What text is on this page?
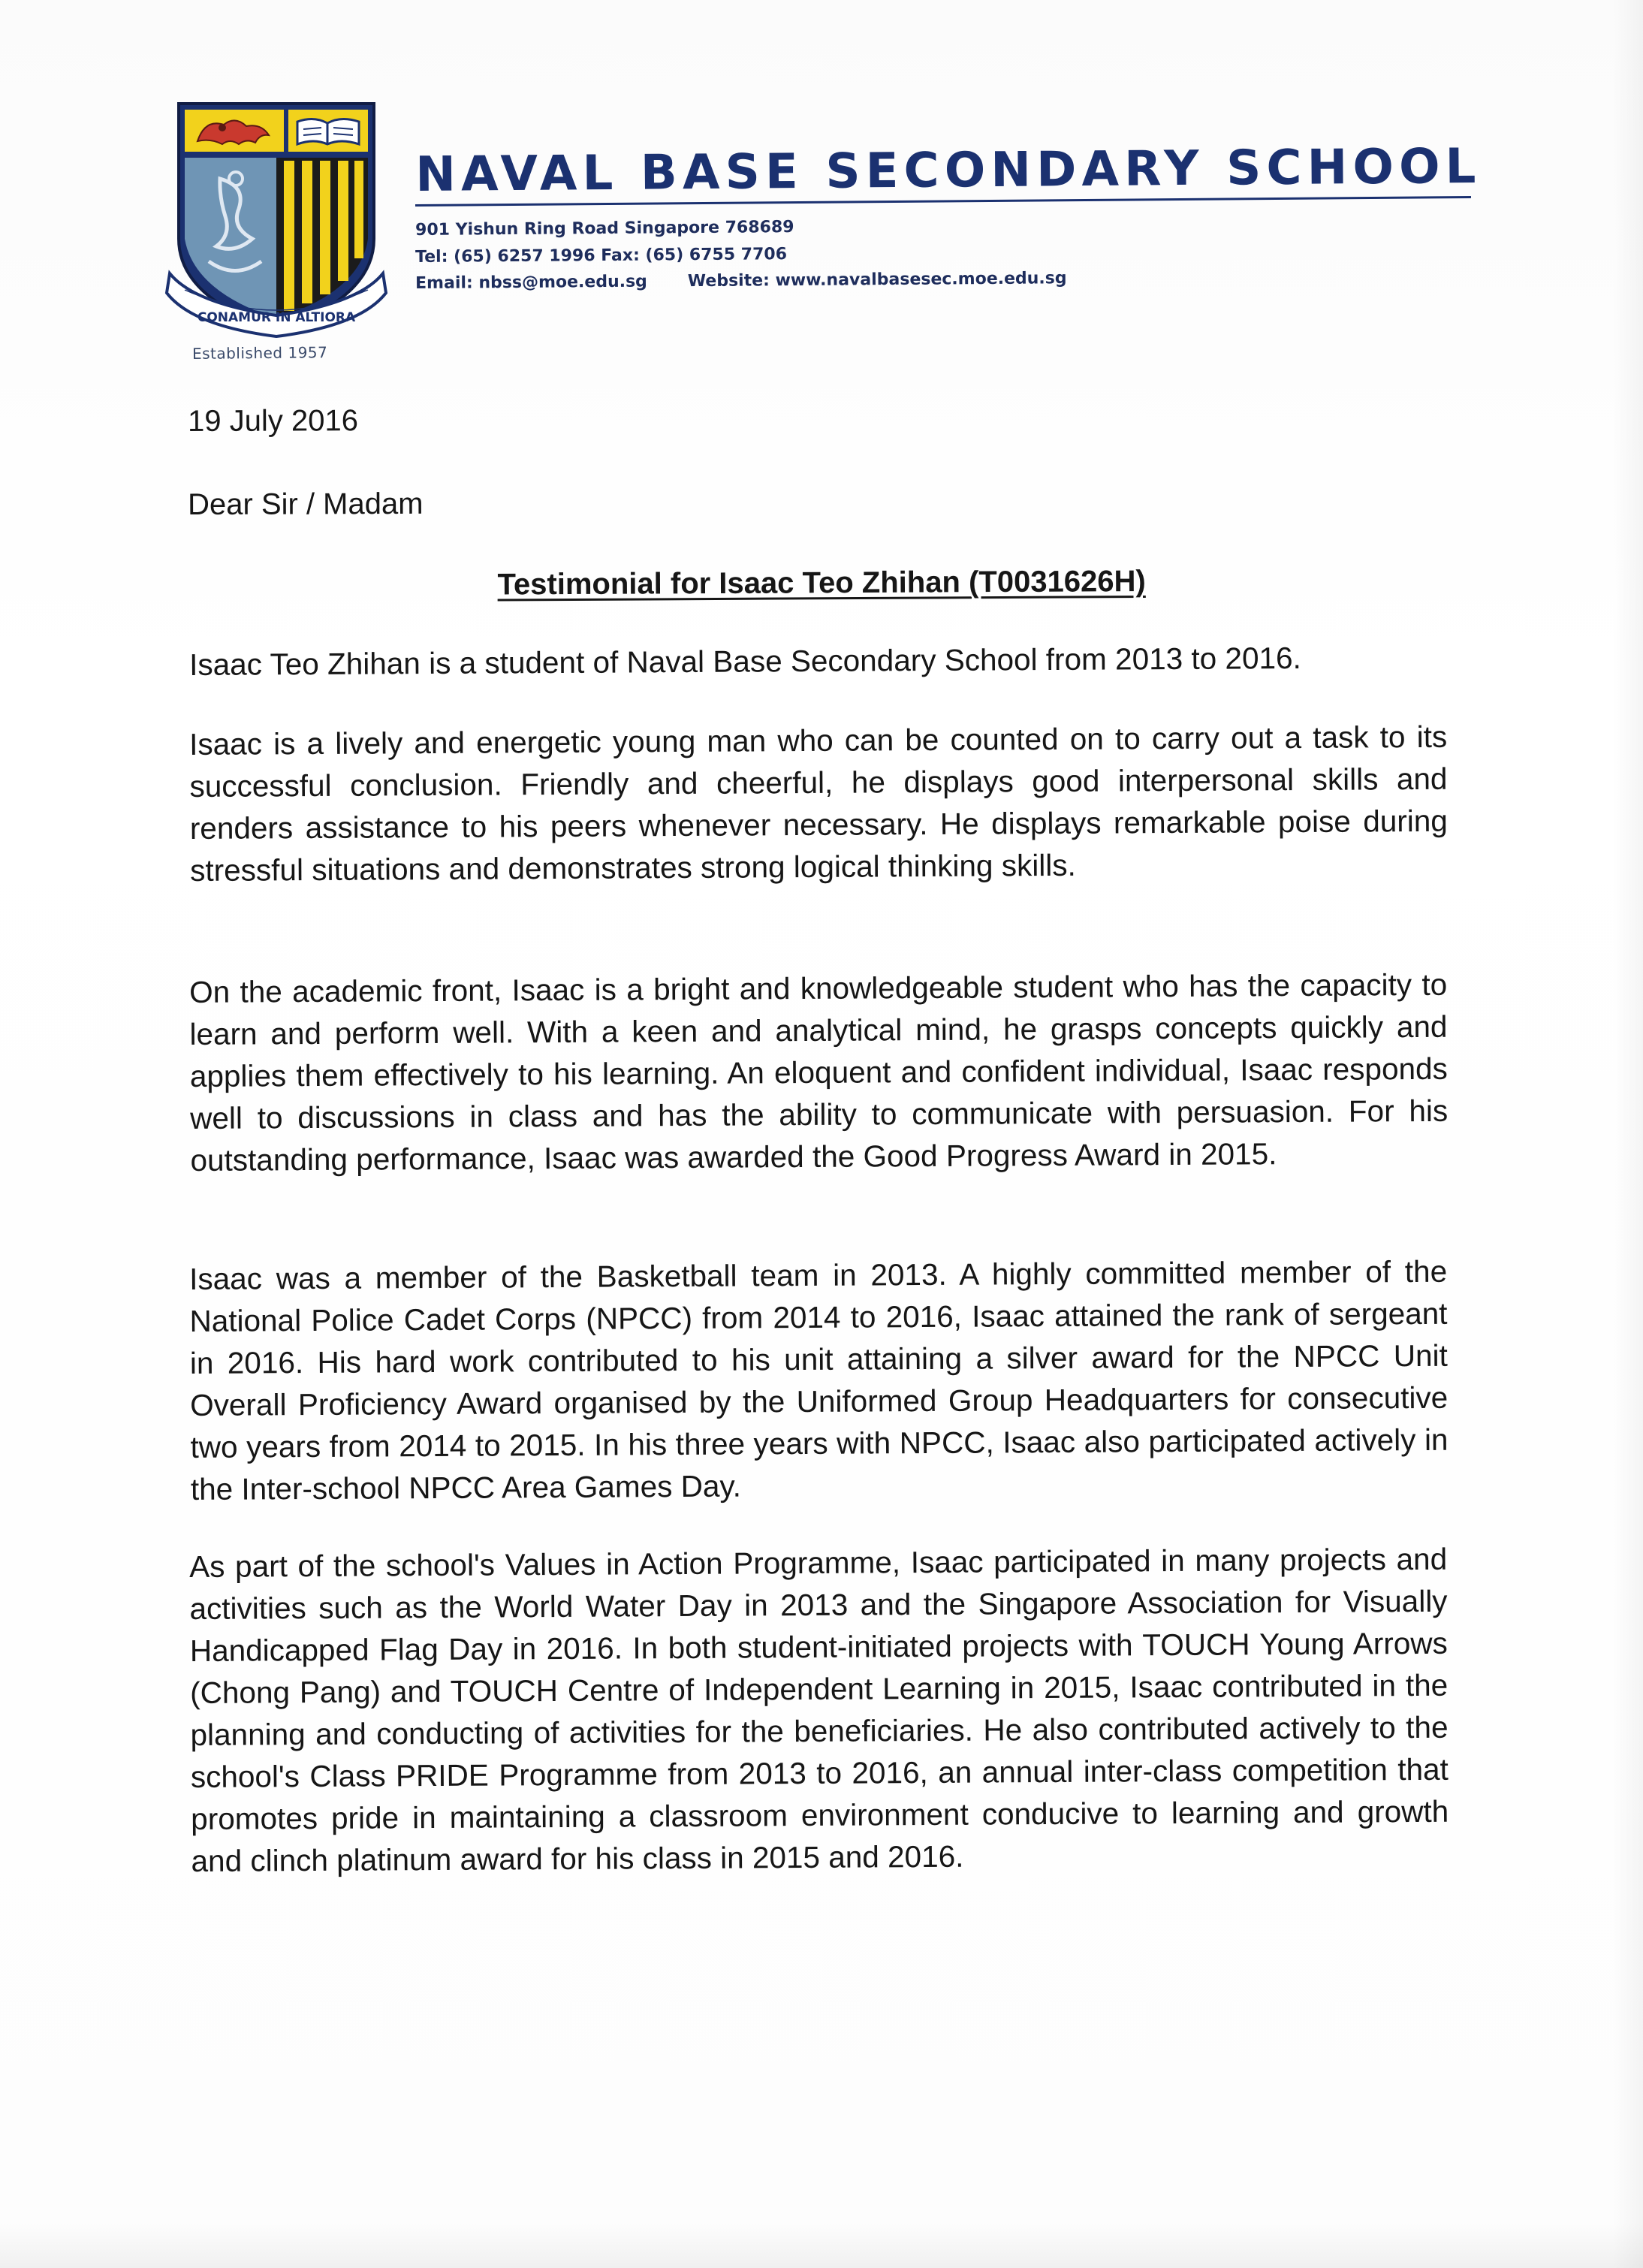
CONAMUR IN ALTIORA
Established 1957
NAVAL BASE SECONDARY SCHOOL
901 Yishun Ring Road Singapore 768689
Tel: (65) 6257 1996 Fax: (65) 6755 7706
Email: nbss@moe.edu.sg Website: www.navalbasesec.moe.edu.sg
19 July 2016
Dear Sir / Madam
Testimonial for Isaac Teo Zhihan (T0031626H)
Isaac Teo Zhihan is a student of Naval Base Secondary School from 2013 to 2016.
Isaac is a lively and energetic young man who can be counted on to carry out a task to its successful conclusion. Friendly and cheerful, he displays good interpersonal skills and renders assistance to his peers whenever necessary. He displays remarkable poise during stressful situations and demonstrates strong logical thinking skills.
On the academic front, Isaac is a bright and knowledgeable student who has the capacity to learn and perform well. With a keen and analytical mind, he grasps concepts quickly and applies them effectively to his learning. An eloquent and confident individual, Isaac responds well to discussions in class and has the ability to communicate with persuasion. For his outstanding performance, Isaac was awarded the Good Progress Award in 2015.
Isaac was a member of the Basketball team in 2013. A highly committed member of the National Police Cadet Corps (NPCC) from 2014 to 2016, Isaac attained the rank of sergeant in 2016. His hard work contributed to his unit attaining a silver award for the NPCC Unit Overall Proficiency Award organised by the Uniformed Group Headquarters for consecutive two years from 2014 to 2015. In his three years with NPCC, Isaac also participated actively in the Inter-school NPCC Area Games Day.
As part of the school's Values in Action Programme, Isaac participated in many projects and activities such as the World Water Day in 2013 and the Singapore Association for Visually Handicapped Flag Day in 2016. In both student-initiated projects with TOUCH Young Arrows (Chong Pang) and TOUCH Centre of Independent Learning in 2015, Isaac contributed in the planning and conducting of activities for the beneficiaries. He also contributed actively to the school's Class PRIDE Programme from 2013 to 2016, an annual inter-class competition that promotes pride in maintaining a classroom environment conducive to learning and growth and clinch platinum award for his class in 2015 and 2016.
